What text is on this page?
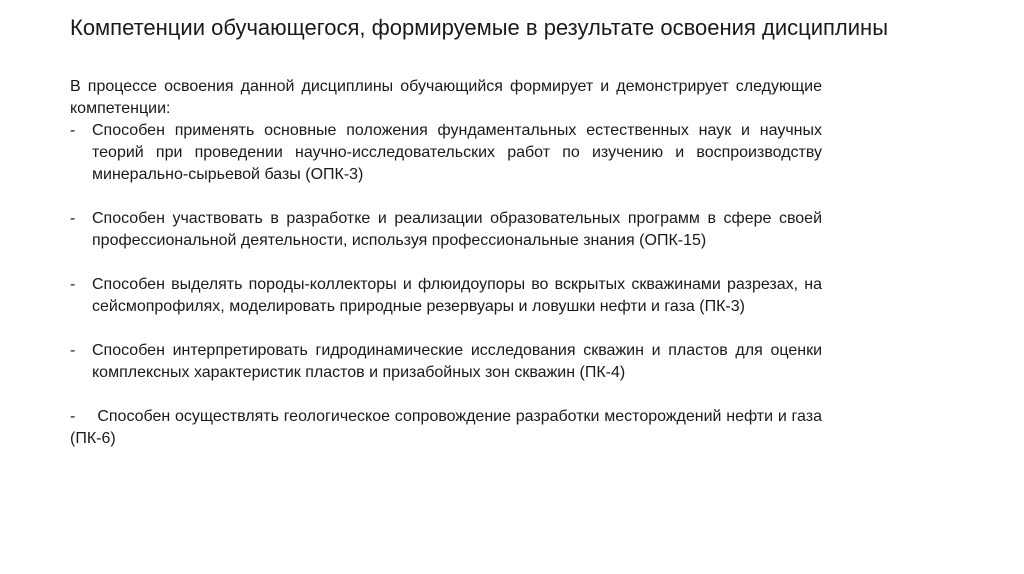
Компетенции обучающегося, формируемые в результате освоения дисциплины

В процессе освоения данной дисциплины обучающийся формирует и демонстрирует следующие компетенции:

- Способен применять основные положения фундаментальных естественных наук и научных теорий при проведении научно-исследовательских работ по изучению и воспроизводству минерально-сырьевой базы (ОПК-3)
- Способен участвовать в разработке и реализации образовательных программ в сфере своей профессиональной деятельности, используя профессиональные знания (ОПК-15)
- Способен выделять породы-коллекторы и флюидоупоры во вскрытых скважинами разрезах, на сейсмопрофилях, моделировать природные резервуары и ловушки нефти и газа (ПК-3)
- Способен интерпретировать гидродинамические исследования скважин и пластов для оценки комплексных характеристик пластов и призабойных зон скважин (ПК-4)
- Способен осуществлять геологическое сопровождение разработки месторождений нефти и газа (ПК-6)
